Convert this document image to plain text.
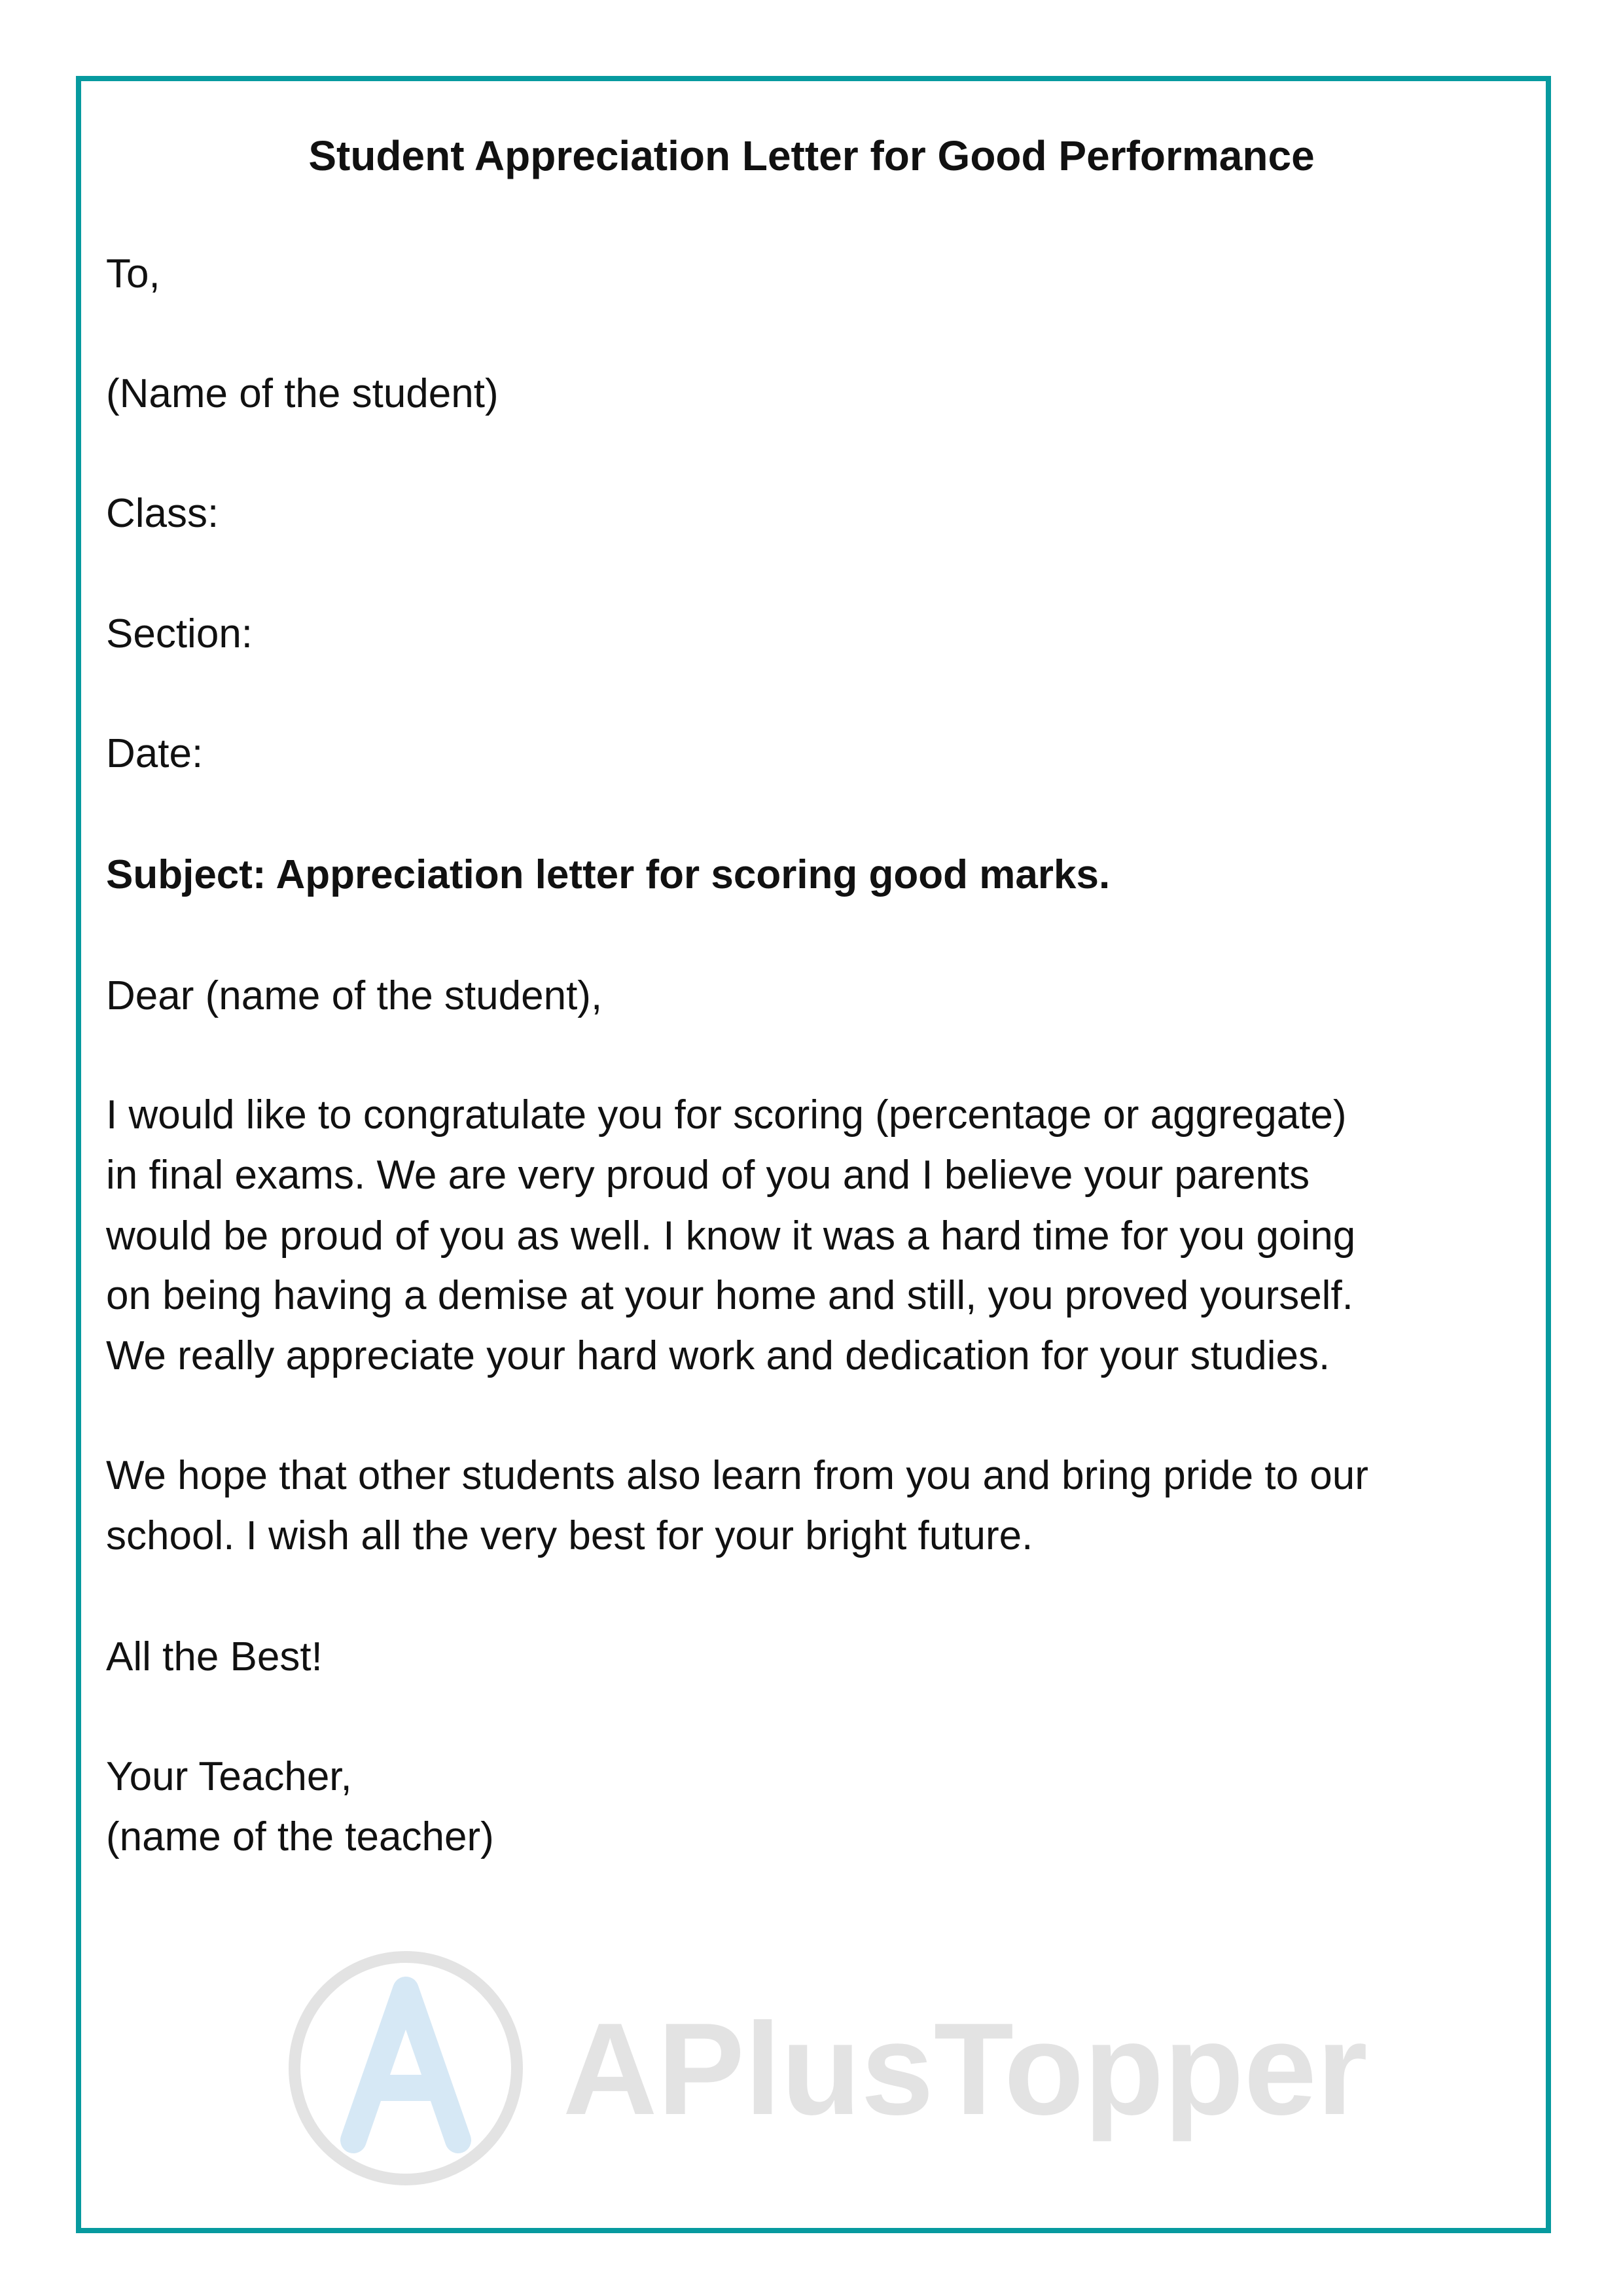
APlusTopper
Student Appreciation Letter for Good Performance
To,
(Name of the student)
Class:
Section:
Date:
Subject: Appreciation letter for scoring good marks.
Dear (name of the student),
I would like to congratulate you for scoring (percentage or aggregate)
in final exams. We are very proud of you and I believe your parents
would be proud of you as well. I know it was a hard time for you going
on being having a demise at your home and still, you proved yourself.
We really appreciate your hard work and dedication for your studies.
We hope that other students also learn from you and bring pride to our
school. I wish all the very best for your bright future.
All the Best!
Your Teacher,
(name of the teacher)
